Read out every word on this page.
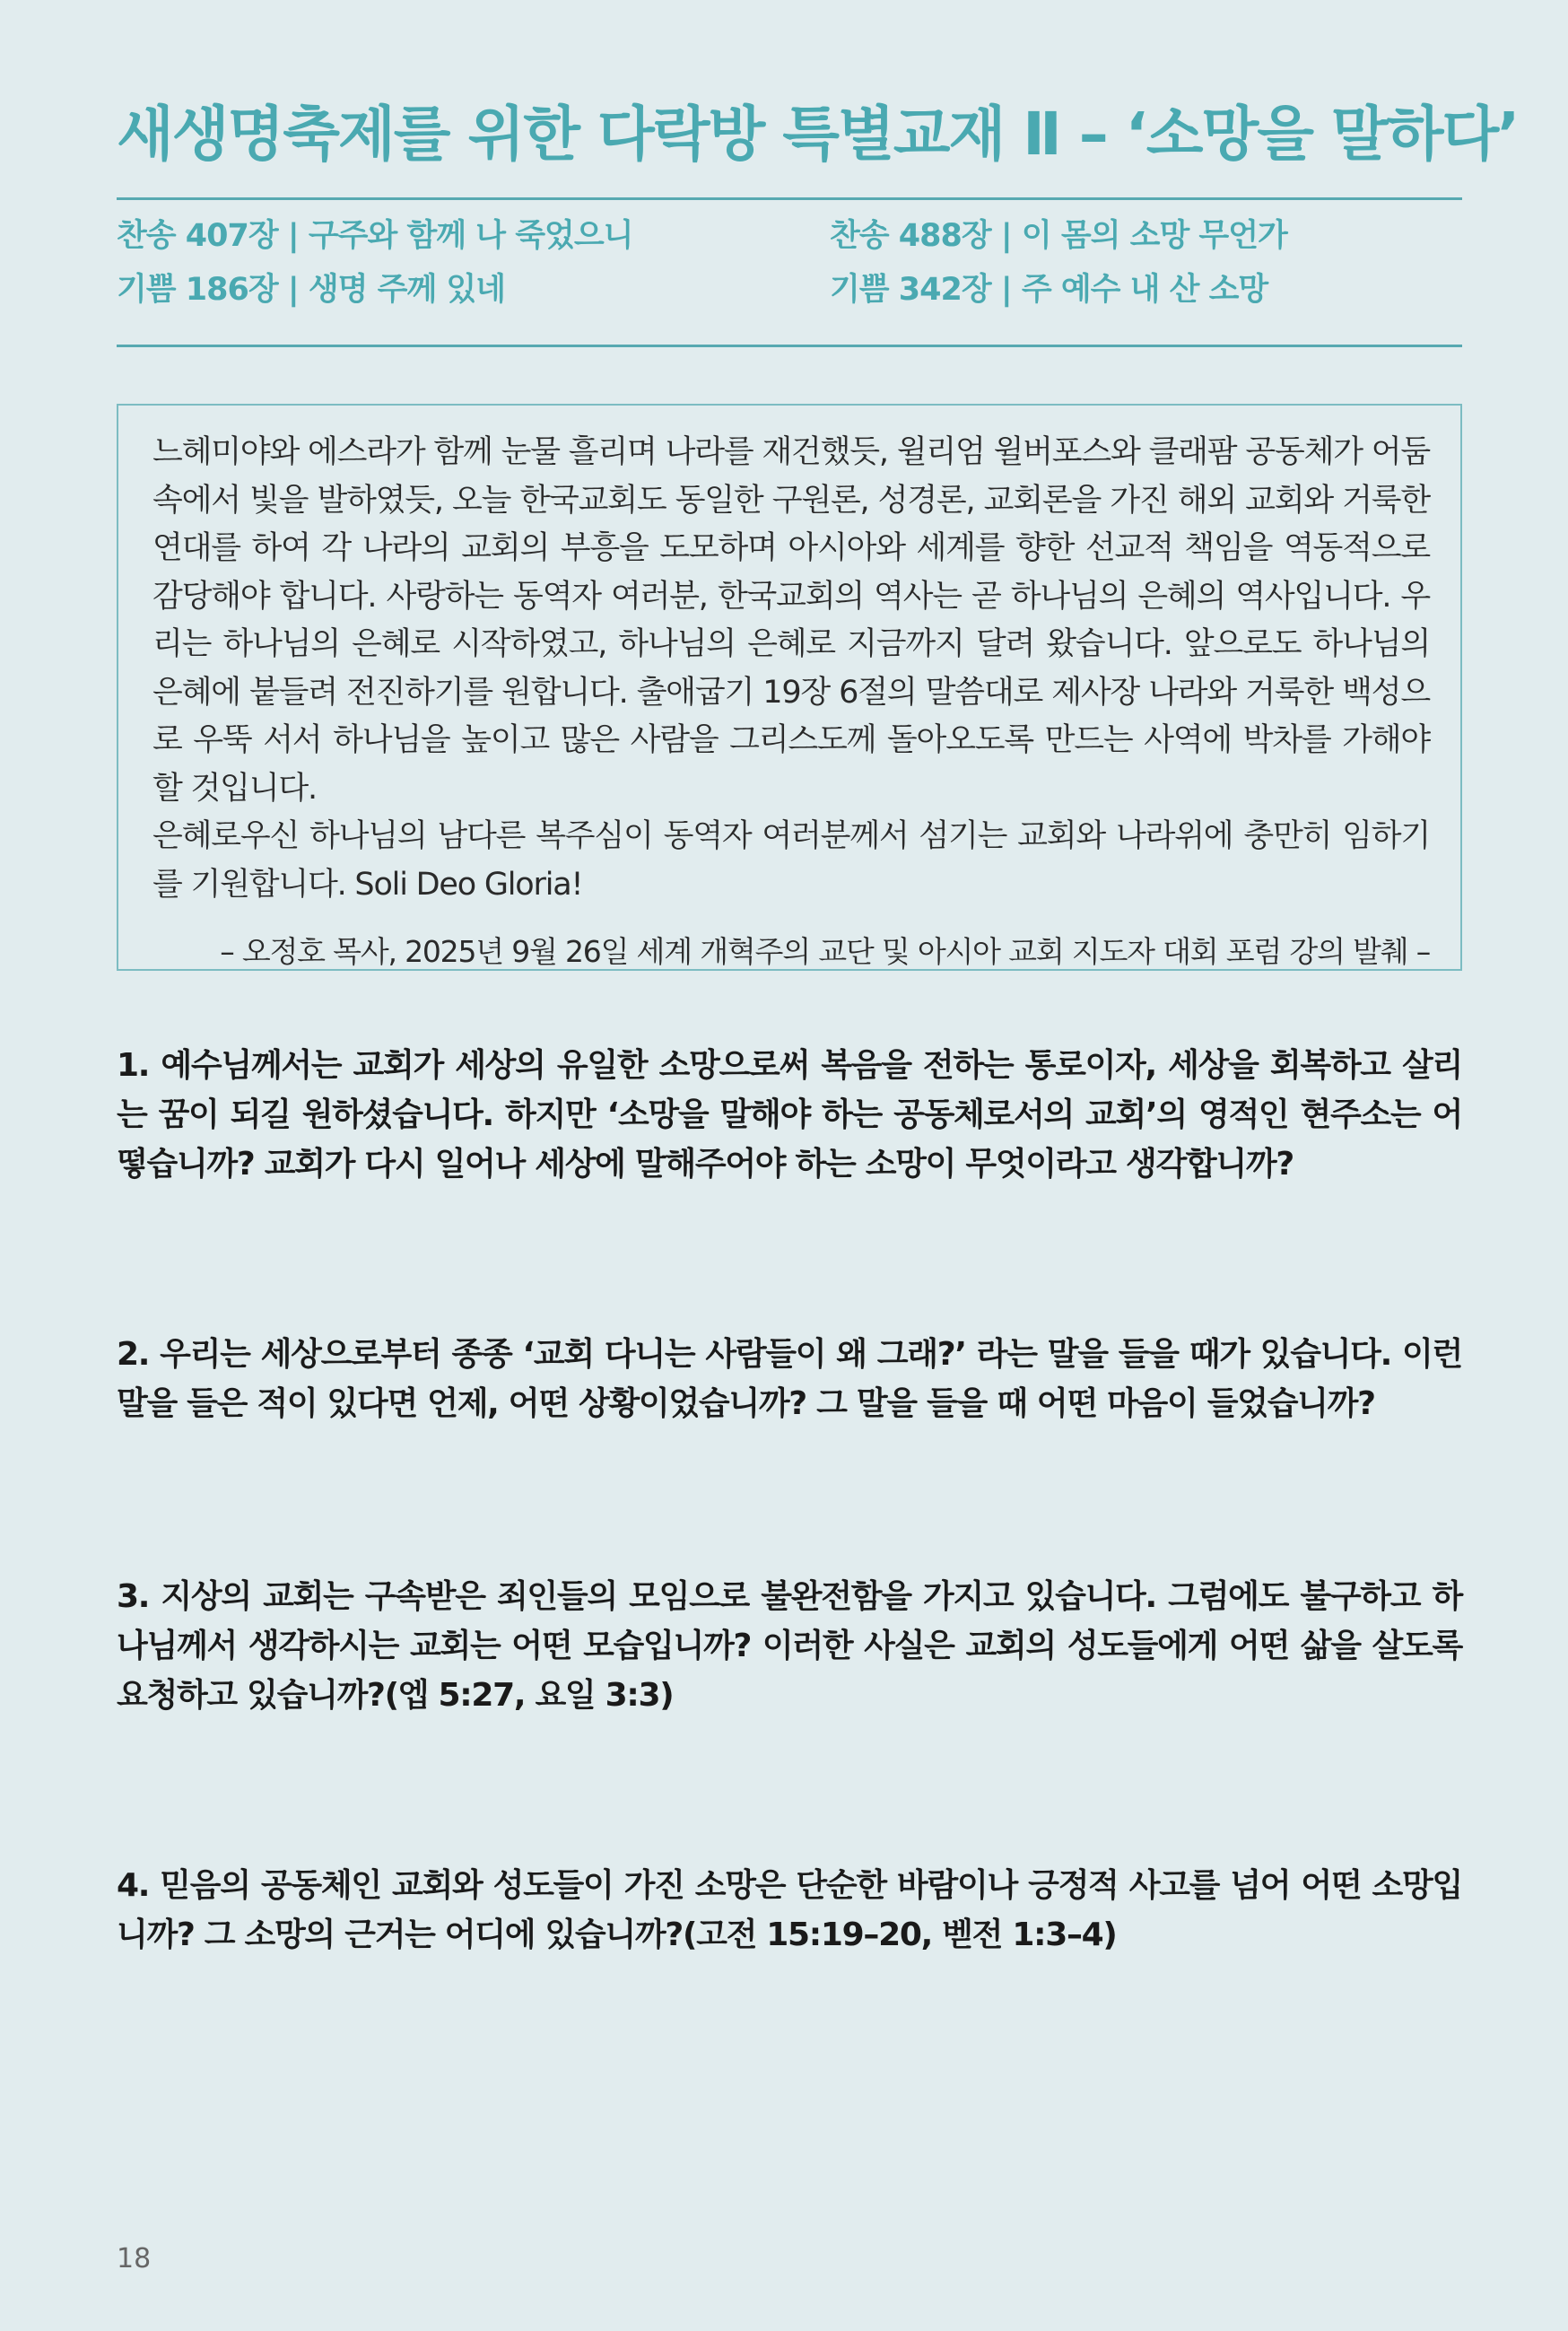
새생명축제를 위한 다락방 특별교재 Ⅱ – ‘소망을 말하다’
찬송 407장 | 구주와 함께 나 죽었으니
기쁨 186장 | 생명 주께 있네
찬송 488장 | 이 몸의 소망 무언가
기쁨 342장 | 주 예수 내 산 소망

느헤미야와 에스라가 함께 눈물 흘리며 나라를 재건했듯, 윌리엄 윌버포스와 클래팜 공동체가 어둠 속에서 빛을 발하였듯, 오늘 한국교회도 동일한 구원론, 성경론, 교회론을 가진 해외 교회와 거룩한 연대를 하여 각 나라의 교회의 부흥을 도모하며 아시아와 세계를 향한 선교적 책임을 역동적으로 감당해야 합니다. 사랑하는 동역자 여러분, 한국교회의 역사는 곧 하나님의 은혜의 역사입니다. 우리는 하나님의 은혜로 시작하였고, 하나님의 은혜로 지금까지 달려 왔습니다. 앞으로도 하나님의 은혜에 붙들려 전진하기를 원합니다. 출애굽기 19장 6절의 말씀대로 제사장 나라와 거룩한 백성으로 우뚝 서서 하나님을 높이고 많은 사람을 그리스도께 돌아오도록 만드는 사역에 박차를 가해야 할 것입니다.

은혜로우신 하나님의 남다른 복주심이 동역자 여러분께서 섬기는 교회와 나라위에 충만히 임하기를 기원합니다. Soli Deo Gloria!

– 오정호 목사, 2025년 9월 26일 세계 개혁주의 교단 및 아시아 교회 지도자 대회 포럼 강의 발췌 –
1. 예수님께서는 교회가 세상의 유일한 소망으로써 복음을 전하는 통로이자, 세상을 회복하고 살리는 꿈이 되길 원하셨습니다. 하지만 ‘소망을 말해야 하는 공동체로서의 교회’의 영적인 현주소는 어떻습니까? 교회가 다시 일어나 세상에 말해주어야 하는 소망이 무엇이라고 생각합니까?
2. 우리는 세상으로부터 종종 ‘교회 다니는 사람들이 왜 그래?’ 라는 말을 들을 때가 있습니다. 이런 말을 들은 적이 있다면 언제, 어떤 상황이었습니까? 그 말을 들을 때 어떤 마음이 들었습니까?
3. 지상의 교회는 구속받은 죄인들의 모임으로 불완전함을 가지고 있습니다. 그럼에도 불구하고 하나님께서 생각하시는 교회는 어떤 모습입니까? 이러한 사실은 교회의 성도들에게 어떤 삶을 살도록 요청하고 있습니까?(엡 5:27, 요일 3:3)
4. 믿음의 공동체인 교회와 성도들이 가진 소망은 단순한 바람이나 긍정적 사고를 넘어 어떤 소망입니까? 그 소망의 근거는 어디에 있습니까?(고전 15:19–20, 벧전 1:3–4)
18
